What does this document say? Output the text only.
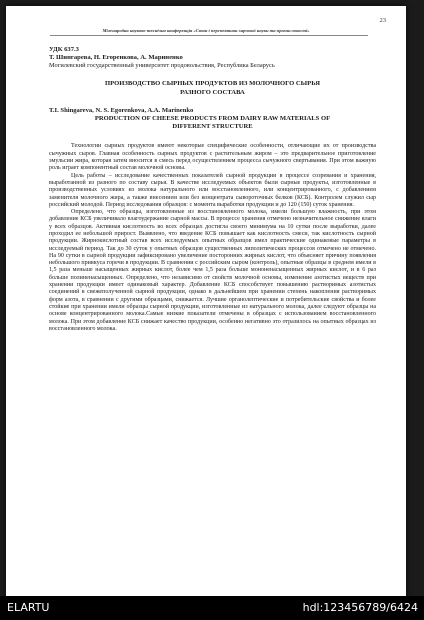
23
Міжнародна науково-технічна конференція «Стан і перспективи харчової науки та промисловості»
УДК 637.3
Т. Шингарева, Н. Егоренкова, А. Мариненко
Могилевский государственный университет продовольствия, Республика Беларусь
ПРОИЗВОДСТВО СЫРНЫХ ПРОДУКТОВ ИЗ МОЛОЧНОГО СЫРЬЯ
РАЗНОГО СОСТАВА
T.I. Shingareva, N. S. Egorenkova, A.A. Marinenko
PRODUCTION OF CHEESE PRODUCTS FROM DAIRY RAW MATERIALS OF
DIFFERENT STRUCTURE

Технологии сырных продуктов имеют некоторые специфические особенности, отличающие их от производства сычужных сыров. Главная особенность сырных продуктов с растительным жиром – это предварительное приготовление эмульсии жира, которая затем вносится в смесь перед осуществлением процесса сычужного свертывания. При этом важную роль играет компонентный состав молочной основы.

Цель работы – исследование качественных показателей сырной продукции в процессе созревания и хранения, выработанной из разного по составу сырья. В качестве исследуемых объектов были сырные продукты, изготовленные в производственных условиях из молока натурального или восстановленного, или концентрированного, с добавлением заменителя молочного жира, а также внесением или без концентрата сывороточных белков (КСБ). Контролем служил сыр российский молодой. Период исследования образцов: с момента выработки продукции и до 120 (150) суток хранения.

Определено, что образцы, изготовленные из восстановленного молока, имели большую влажность, при этом добавление КСБ увеличивало влагоудержание сырной массы. В процессе хранения отмечено незначительное снижение влаги у всех образцов. Активная кислотность во всех образцах достигла своего минимума на 10 сутки после выработки, далее проходил ее небольшой прирост. Выявлено, что введение КСБ повышает как кислотность смеси, так кислотность сырной продукции. Жирнокислотный состав всех исследуемых опытных образцов имел практические одинаковые параметры в исследуемый период. Так до 30 суток у опытных образцов существенных липолитических процессов отмечено не отмечено. На 90 сутки в сырной продукции зафиксировано увеличение посторонних жирных кислот, что объясняет причину появления небольшого привкуса горечи в продукции. В сравнении с российским сыром (контроль), опытные образцы в среднем имели в 1,5 раза меньше насыщенных жирных кислот, более чем 1,5 раза больше мононенасыщенных жирных кислот, и в 6 раз больше полиненасыщенных. Определено, что независимо от свойств молочной основы, изменение азотистых веществ при хранении продукции имеет одинаковый характер. Добавление КСБ способствует повышению растворимых азотистых соединений в свежеполученной сырной продукции, однако в дальнейшем при хранении степень накопления растворимых форм азота, в сравнении с другими образцами, снижается. Лучшие органолептические и потребительские свойства и более стойкие при хранении имели образцы сырной продукции, изготовленные из натурального молока, далее следуют образцы на основе концентрированного молока.Самые низкие показатели отмечены в образцах с использованием восстановленного молока. При этом добавление КСБ снижает качество продукции, особенно негативно это отразилось на опытных образцах из восстановленного молока.

ELARTU	hdl:123456789/6424
